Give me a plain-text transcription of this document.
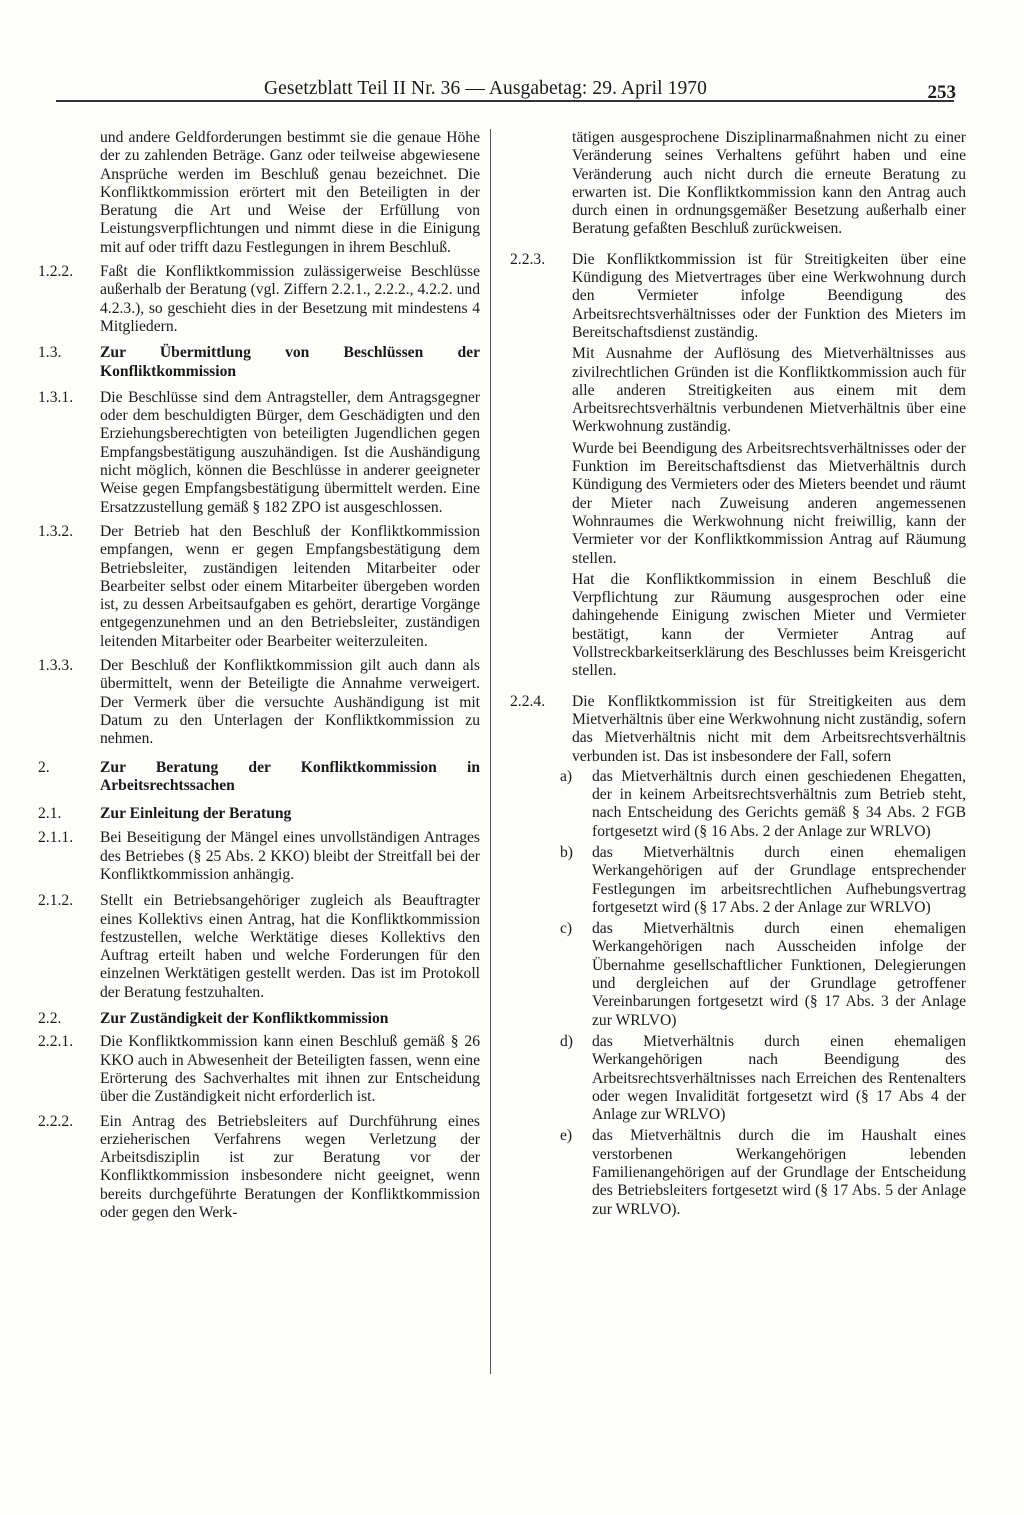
Gesetzblatt Teil II Nr. 36 — Ausgabetag: 29. April 1970	253
und andere Geldforderungen bestimmt sie die genaue Höhe der zu zahlenden Beträge. Ganz oder teilweise abgewiesene Ansprüche werden im Beschluß genau bezeichnet. Die Konfliktkommission erörtert mit den Beteiligten in der Beratung die Art und Weise der Erfüllung von Leistungsverpflichtungen und nimmt diese in die Einigung mit auf oder trifft dazu Festlegungen in ihrem Beschluß.
1.2.2. Faßt die Konfliktkommission zulässigerweise Beschlüsse außerhalb der Beratung (vgl. Ziffern 2.2.1., 2.2.2., 4.2.2. und 4.2.3.), so geschieht dies in der Besetzung mit mindestens 4 Mitgliedern.
1.3. Zur Übermittlung von Beschlüssen der Konfliktkommission
1.3.1. Die Beschlüsse sind dem Antragsteller, dem Antragsgegner oder dem beschuldigten Bürger, dem Geschädigten und den Erziehungsberechtigten von beteiligten Jugendlichen gegen Empfangsbestätigung auszuhändigen. Ist die Aushändigung nicht möglich, können die Beschlüsse in anderer geeigneter Weise gegen Empfangsbestätigung übermittelt werden. Eine Ersatzzustellung gemäß § 182 ZPO ist ausgeschlossen.
1.3.2. Der Betrieb hat den Beschluß der Konfliktkommission empfangen, wenn er gegen Empfangsbestätigung dem Betriebsleiter, zuständigen leitenden Mitarbeiter oder Bearbeiter selbst oder einem Mitarbeiter übergeben worden ist, zu dessen Arbeitsaufgaben es gehört, derartige Vorgänge entgegenzunehmen und an den Betriebsleiter, zuständigen leitenden Mitarbeiter oder Bearbeiter weiterzuleiten.
1.3.3. Der Beschluß der Konfliktkommission gilt auch dann als übermittelt, wenn der Beteiligte die Annahme verweigert. Der Vermerk über die versuchte Aushändigung ist mit Datum zu den Unterlagen der Konfliktkommission zu nehmen.
2.	Zur Beratung der Konfliktkommission in Arbeitsrechtssachen
2.1. Zur Einleitung der Beratung
2.1.1. Bei Beseitigung der Mängel eines unvollständigen Antrages des Betriebes (§ 25 Abs. 2 KKO) bleibt der Streitfall bei der Konfliktkommission anhängig.
2.1.2. Stellt ein Betriebsangehöriger zugleich als Beauftragter eines Kollektivs einen Antrag, hat die Konfliktkommission festzustellen, welche Werktätige dieses Kollektivs den Auftrag erteilt haben und welche Forderungen für den einzelnen Werktätigen gestellt werden. Das ist im Protokoll der Beratung festzuhalten.
2.2. Zur Zuständigkeit der Konfliktkommission
2.2.1. Die Konfliktkommission kann einen Beschluß gemäß § 26 KKO auch in Abwesenheit der Beteiligten fassen, wenn eine Erörterung des Sachverhaltes mit ihnen zur Entscheidung über die Zuständigkeit nicht erforderlich ist.
2.2.2. Ein Antrag des Betriebsleiters auf Durchführung eines erzieherischen Verfahrens wegen Verletzung der Arbeitsdisziplin ist zur Beratung vor der Konfliktkommission insbesondere nicht geeignet, wenn bereits durchgeführte Beratungen der Konfliktkommission oder gegen den Werk-
tätigen ausgesprochene Disziplinarmaßnahmen nicht zu einer Veränderung seines Verhaltens geführt haben und eine Veränderung auch nicht durch die erneute Beratung zu erwarten ist. Die Konfliktkommission kann den Antrag auch durch einen in ordnungsgemäßer Besetzung außerhalb einer Beratung gefaßten Beschluß zurückweisen.
2.2.3. Die Konfliktkommission ist für Streitigkeiten über eine Kündigung des Mietvertrages über eine Werkwohnung durch den Vermieter infolge Beendigung des Arbeitsrechtsverhältnisses oder der Funktion des Mieters im Bereitschaftsdienst zuständig.
Mit Ausnahme der Auflösung des Mietverhältnisses aus zivilrechtlichen Gründen ist die Konfliktkommission auch für alle anderen Streitigkeiten aus einem mit dem Arbeitsrechtsverhältnis verbundenen Mietverhältnis über eine Werkwohnung zuständig.
Wurde bei Beendigung des Arbeitsrechtsverhältnisses oder der Funktion im Bereitschaftsdienst das Mietverhältnis durch Kündigung des Vermieters oder des Mieters beendet und räumt der Mieter nach Zuweisung anderen angemessenen Wohnraumes die Werkwohnung nicht freiwillig, kann der Vermieter vor der Konfliktkommission Antrag auf Räumung stellen.
Hat die Konfliktkommission in einem Beschluß die Verpflichtung zur Räumung ausgesprochen oder eine dahingehende Einigung zwischen Mieter und Vermieter bestätigt, kann der Vermieter Antrag auf Vollstreckbarkeitserklärung des Beschlusses beim Kreisgericht stellen.
2.2.4. Die Konfliktkommission ist für Streitigkeiten aus dem Mietverhältnis über eine Werkwohnung nicht zuständig, sofern das Mietverhältnis nicht mit dem Arbeitsrechtsverhältnis verbunden ist. Das ist insbesondere der Fall, sofern
a) das Mietverhältnis durch einen geschiedenen Ehegatten, der in keinem Arbeitsrechtsverhältnis zum Betrieb steht, nach Entscheidung des Gerichts gemäß § 34 Abs. 2 FGB fortgesetzt wird (§ 16 Abs. 2 der Anlage zur WRLVO)
b) das Mietverhältnis durch einen ehemaligen Werkangehörigen auf der Grundlage entsprechender Festlegungen im arbeitsrechtlichen Aufhebungsvertrag fortgesetzt wird (§ 17 Abs. 2 der Anlage zur WRLVO)
c) das Mietverhältnis durch einen ehemaligen Werkangehörigen nach Ausscheiden infolge der Übernahme gesellschaftlicher Funktionen, Delegierungen und dergleichen auf der Grundlage getroffener Vereinbarungen fortgesetzt wird (§ 17 Abs. 3 der Anlage zur WRLVO)
d) das Mietverhältnis durch einen ehemaligen Werkangehörigen nach Beendigung des Arbeitsrechtsverhältnisses nach Erreichen des Rentenalters oder wegen Invalidität fortgesetzt wird (§ 17 Abs 4 der Anlage zur WRLVO)
e) das Mietverhältnis durch die im Haushalt eines verstorbenen Werkangehörigen lebenden Familienangehörigen auf der Grundlage der Entscheidung des Betriebsleiters fortgesetzt wird (§ 17 Abs. 5 der Anlage zur WRLVO).
